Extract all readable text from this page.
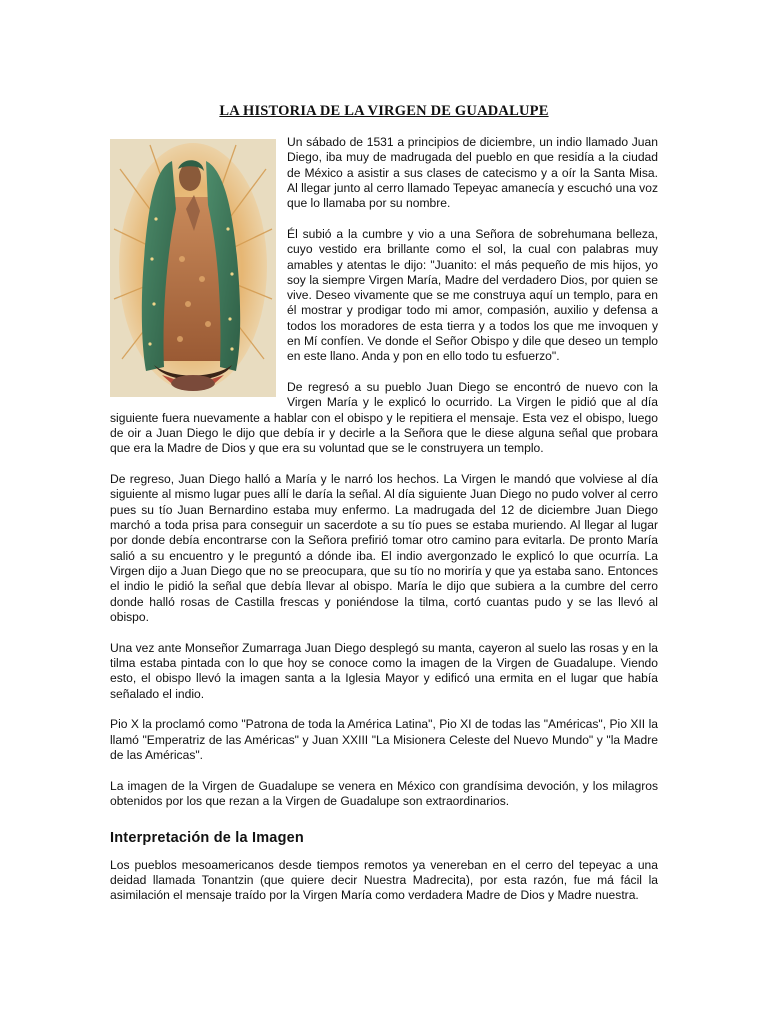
LA HISTORIA DE LA VIRGEN DE GUADALUPE

Un sábado de 1531 a principios de diciembre, un indio llamado Juan Diego, iba muy de madrugada del pueblo en que residía a la ciudad de México a asistir a sus clases de catecismo y a oír la Santa Misa. Al llegar junto al cerro llamado Tepeyac amanecía y escuchó una voz que lo llamaba por su nombre.

Él subió a la cumbre y vio a una Señora de sobrehumana belleza, cuyo vestido era brillante como el sol, la cual con palabras muy amables y atentas le dijo: "Juanito: el más pequeño de mis hijos, yo soy la siempre Virgen María, Madre del verdadero Dios, por quien se vive. Deseo vivamente que se me construya aquí un templo, para en él mostrar y prodigar todo mi amor, compasión, auxilio y defensa a todos los moradores de esta tierra y a todos los que me invoquen y en Mí confíen. Ve donde el Señor Obispo y dile que deseo un templo en este llano. Anda y pon en ello todo tu esfuerzo".

De regresó a su pueblo Juan Diego se encontró de nuevo con la Virgen María y le explicó lo ocurrido. La Virgen le pidió que al día siguiente fuera nuevamente a hablar con el obispo y le repitiera el mensaje. Esta vez el obispo, luego de oir a Juan Diego le dijo que debía ir y decirle a la Señora que le diese alguna señal que probara que era la Madre de Dios y que era su voluntad que se le construyera un templo.

De regreso, Juan Diego halló a María y le narró los hechos. La Virgen le mandó que volviese al día siguiente al mismo lugar pues allí le daría la señal. Al día siguiente Juan Diego no pudo volver al cerro pues su tío Juan Bernardino estaba muy enfermo. La madrugada del 12 de diciembre Juan Diego marchó a toda prisa para conseguir un sacerdote a su tío pues se estaba muriendo. Al llegar al lugar por donde debía encontrarse con la Señora prefirió tomar otro camino para evitarla. De pronto María salió a su encuentro y le preguntó a dónde iba. El indio avergonzado le explicó lo que ocurría. La Virgen dijo a Juan Diego que no se preocupara, que su tío no moriría y que ya estaba sano. Entonces el indio le pidió la señal que debía llevar al obispo. María le dijo que subiera a la cumbre del cerro donde halló rosas de Castilla frescas y poniéndose la tilma, cortó cuantas pudo y se las llevó al obispo.

Una vez ante Monseñor Zumarraga Juan Diego desplegó su manta, cayeron al suelo las rosas y en la tilma estaba pintada con lo que hoy se conoce como la imagen de la Virgen de Guadalupe. Viendo esto, el obispo llevó la imagen santa a la Iglesia Mayor y edificó una ermita en el lugar que había señalado el indio.

Pio X la proclamó como "Patrona de toda la América Latina", Pio XI de todas las "Américas", Pio XII la llamó "Emperatriz de las Américas" y Juan XXIII "La Misionera Celeste del Nuevo Mundo" y "la Madre de las Américas".

La imagen de la Virgen de Guadalupe se venera en México con grandísima devoción, y los milagros obtenidos por los que rezan a la Virgen de Guadalupe son extraordinarios.

Interpretación de la Imagen

Los pueblos mesoamericanos desde tiempos remotos ya venereban en el cerro del tepeyac a una deidad llamada Tonantzin (que quiere decir Nuestra Madrecita), por esta razón, fue má fácil la asimilación el mensaje traído por la Virgen María como verdadera Madre de Dios y Madre nuestra.
